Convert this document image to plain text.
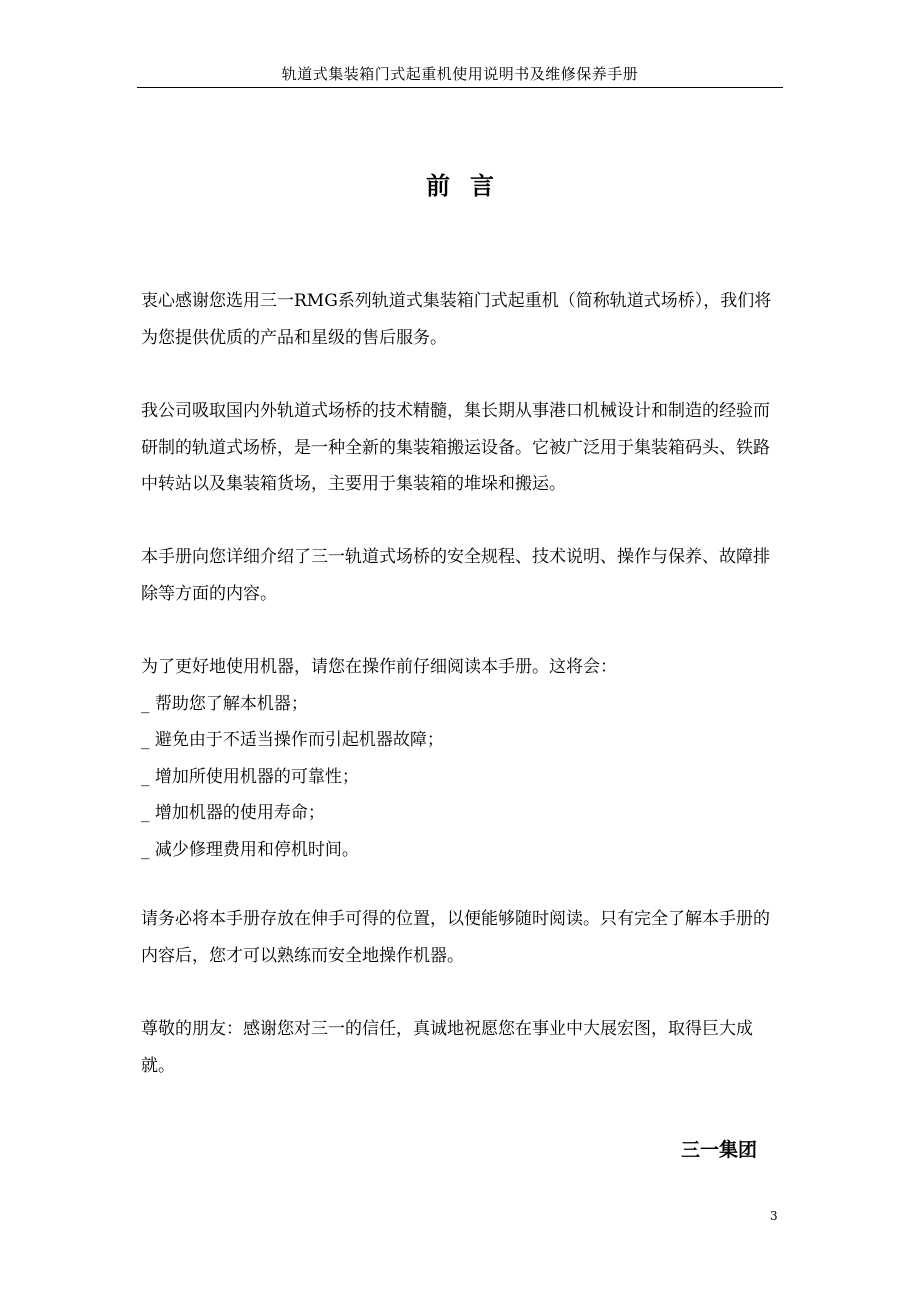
轨道式集装箱门式起重机使用说明书及维修保养手册
前言

衷心感谢您选用三一RMG系列轨道式集装箱门式起重机（简称轨道式场桥），我们将为您提供优质的产品和星级的售后服务。

我公司吸取国内外轨道式场桥的技术精髓，集长期从事港口机械设计和制造的经验而研制的轨道式场桥，是一种全新的集装箱搬运设备。它被广泛用于集装箱码头、铁路中转站以及集装箱货场，主要用于集装箱的堆垛和搬运。

本手册向您详细介绍了三一轨道式场桥的安全规程、技术说明、操作与保养、故障排除等方面的内容。

为了更好地使用机器，请您在操作前仔细阅读本手册。这将会：

_ 帮助您了解本机器；
_ 避免由于不适当操作而引起机器故障；
_ 增加所使用机器的可靠性；
_ 增加机器的使用寿命；
_ 减少修理费用和停机时间。

请务必将本手册存放在伸手可得的位置，以便能够随时阅读。只有完全了解本手册的内容后，您才可以熟练而安全地操作机器。

尊敬的朋友：感谢您对三一的信任，真诚地祝愿您在事业中大展宏图，取得巨大成就。

三一集团
3
